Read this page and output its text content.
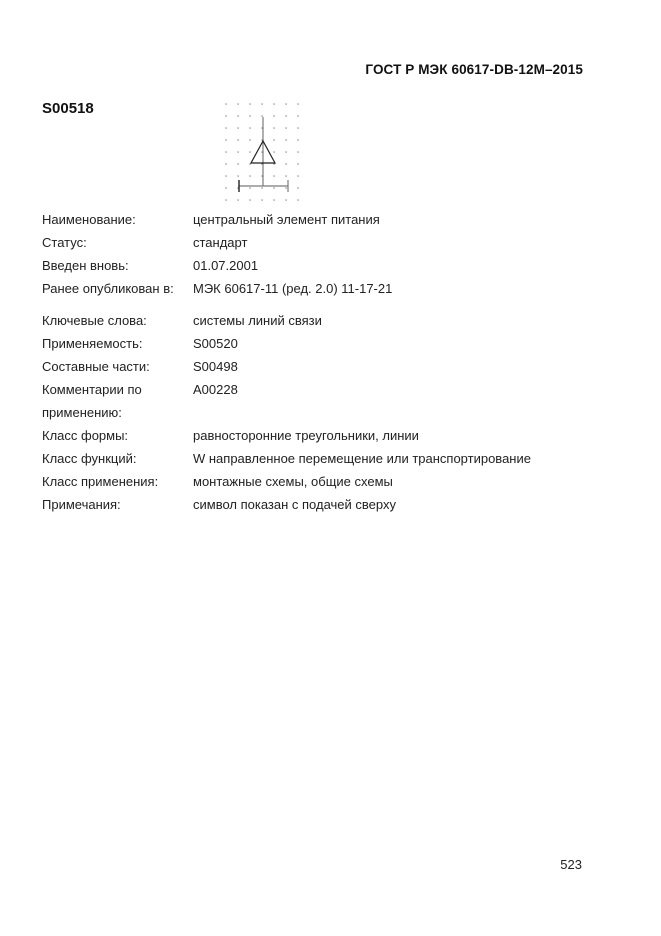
ГОСТ Р МЭК 60617-DB-12M–2015
S00518
Наименование:	центральный элемент питания
Статус:	стандарт
Введен вновь:	01.07.2001
Ранее опубликован в:	МЭК 60617-11 (ред. 2.0) 11-17-21
Ключевые слова:	системы линий связи
Применяемость:	S00520
Составные части:	S00498
Комментарии по применению:
A00228
Класс формы:	равносторонние треугольники, линии
Класс функций:	W направленное перемещение или транспортирование
Класс применения:	монтажные схемы, общие схемы
Примечания:	символ показан с подачей сверху
523
